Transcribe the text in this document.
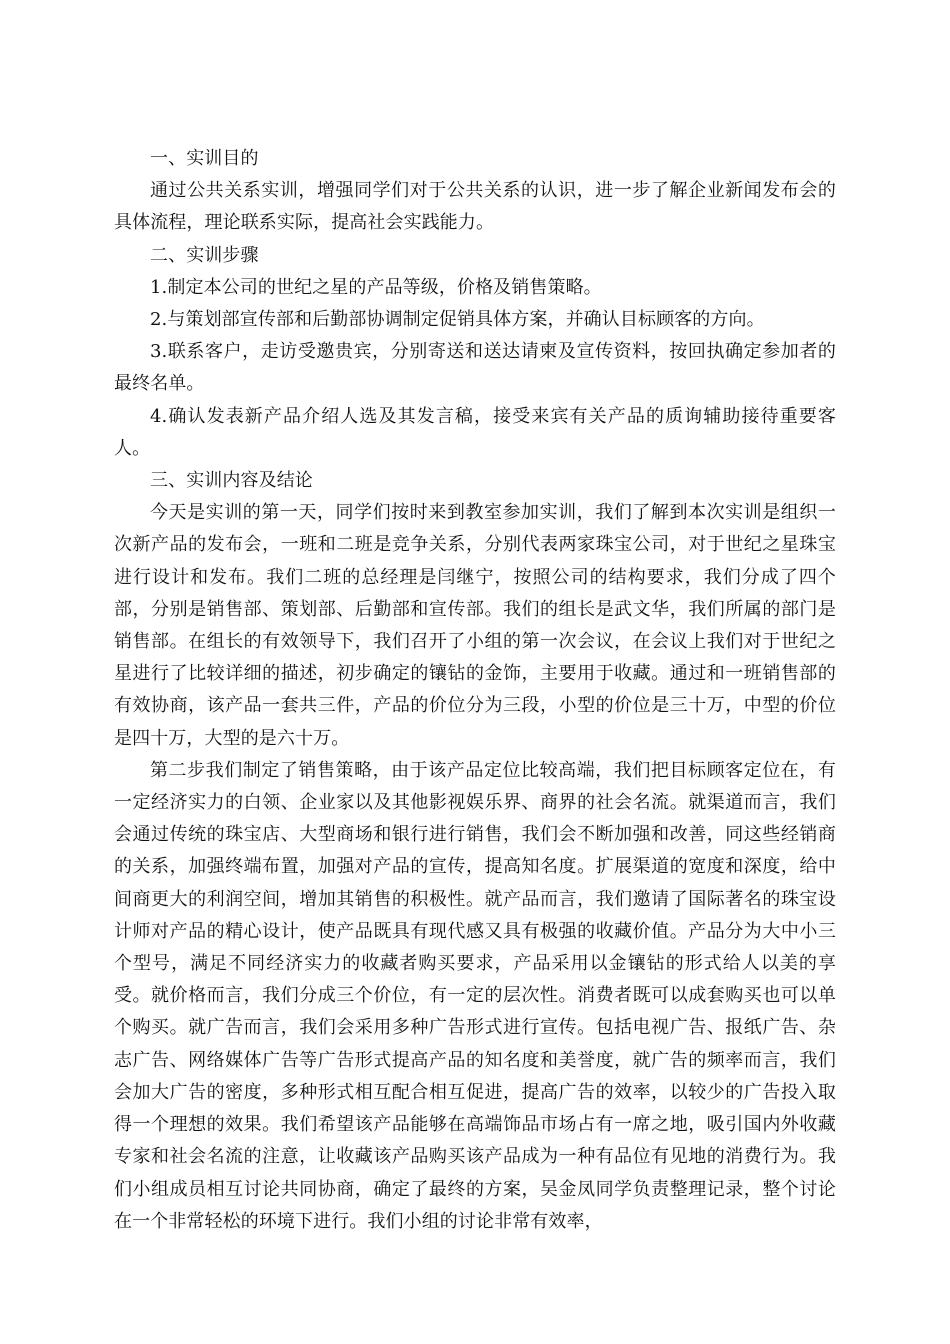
一、实训目的

通过公共关系实训，增强同学们对于公共关系的认识，进一步了解企业新闻发布会的具体流程，理论联系实际，提高社会实践能力。

二、实训步骤

1.制定本公司的世纪之星的产品等级，价格及销售策略。

2.与策划部宣传部和后勤部协调制定促销具体方案，并确认目标顾客的方向。

3.联系客户，走访受邀贵宾，分别寄送和送达请柬及宣传资料，按回执确定参加者的最终名单。

4.确认发表新产品介绍人选及其发言稿，接受来宾有关产品的质询辅助接待重要客人。

三、实训内容及结论

今天是实训的第一天，同学们按时来到教室参加实训，我们了解到本次实训是组织一次新产品的发布会，一班和二班是竞争关系，分别代表两家珠宝公司，对于世纪之星珠宝进行设计和发布。我们二班的总经理是闫继宁，按照公司的结构要求，我们分成了四个部，分别是销售部、策划部、后勤部和宣传部。我们的组长是武文华，我们所属的部门是销售部。在组长的有效领导下，我们召开了小组的第一次会议，在会议上我们对于世纪之星进行了比较详细的描述，初步确定的镶钻的金饰，主要用于收藏。通过和一班销售部的有效协商，该产品一套共三件，产品的价位分为三段，小型的价位是三十万，中型的价位是四十万，大型的是六十万。

第二步我们制定了销售策略，由于该产品定位比较高端，我们把目标顾客定位在，有一定经济实力的白领、企业家以及其他影视娱乐界、商界的社会名流。就渠道而言，我们会通过传统的珠宝店、大型商场和银行进行销售，我们会不断加强和改善，同这些经销商的关系，加强终端布置，加强对产品的宣传，提高知名度。扩展渠道的宽度和深度，给中间商更大的利润空间，增加其销售的积极性。就产品而言，我们邀请了国际著名的珠宝设计师对产品的精心设计，使产品既具有现代感又具有极强的收藏价值。产品分为大中小三个型号，满足不同经济实力的收藏者购买要求，产品采用以金镶钻的形式给人以美的享受。就价格而言，我们分成三个价位，有一定的层次性。消费者既可以成套购买也可以单个购买。就广告而言，我们会采用多种广告形式进行宣传。包括电视广告、报纸广告、杂志广告、网络媒体广告等广告形式提高产品的知名度和美誉度，就广告的频率而言，我们会加大广告的密度，多种形式相互配合相互促进，提高广告的效率，以较少的广告投入取得一个理想的效果。我们希望该产品能够在高端饰品市场占有一席之地，吸引国内外收藏专家和社会名流的注意，让收藏该产品购买该产品成为一种有品位有见地的消费行为。我们小组成员相互讨论共同协商，确定了最终的方案，吴金凤同学负责整理记录，整个讨论在一个非常轻松的环境下进行。我们小组的讨论非常有效率，
